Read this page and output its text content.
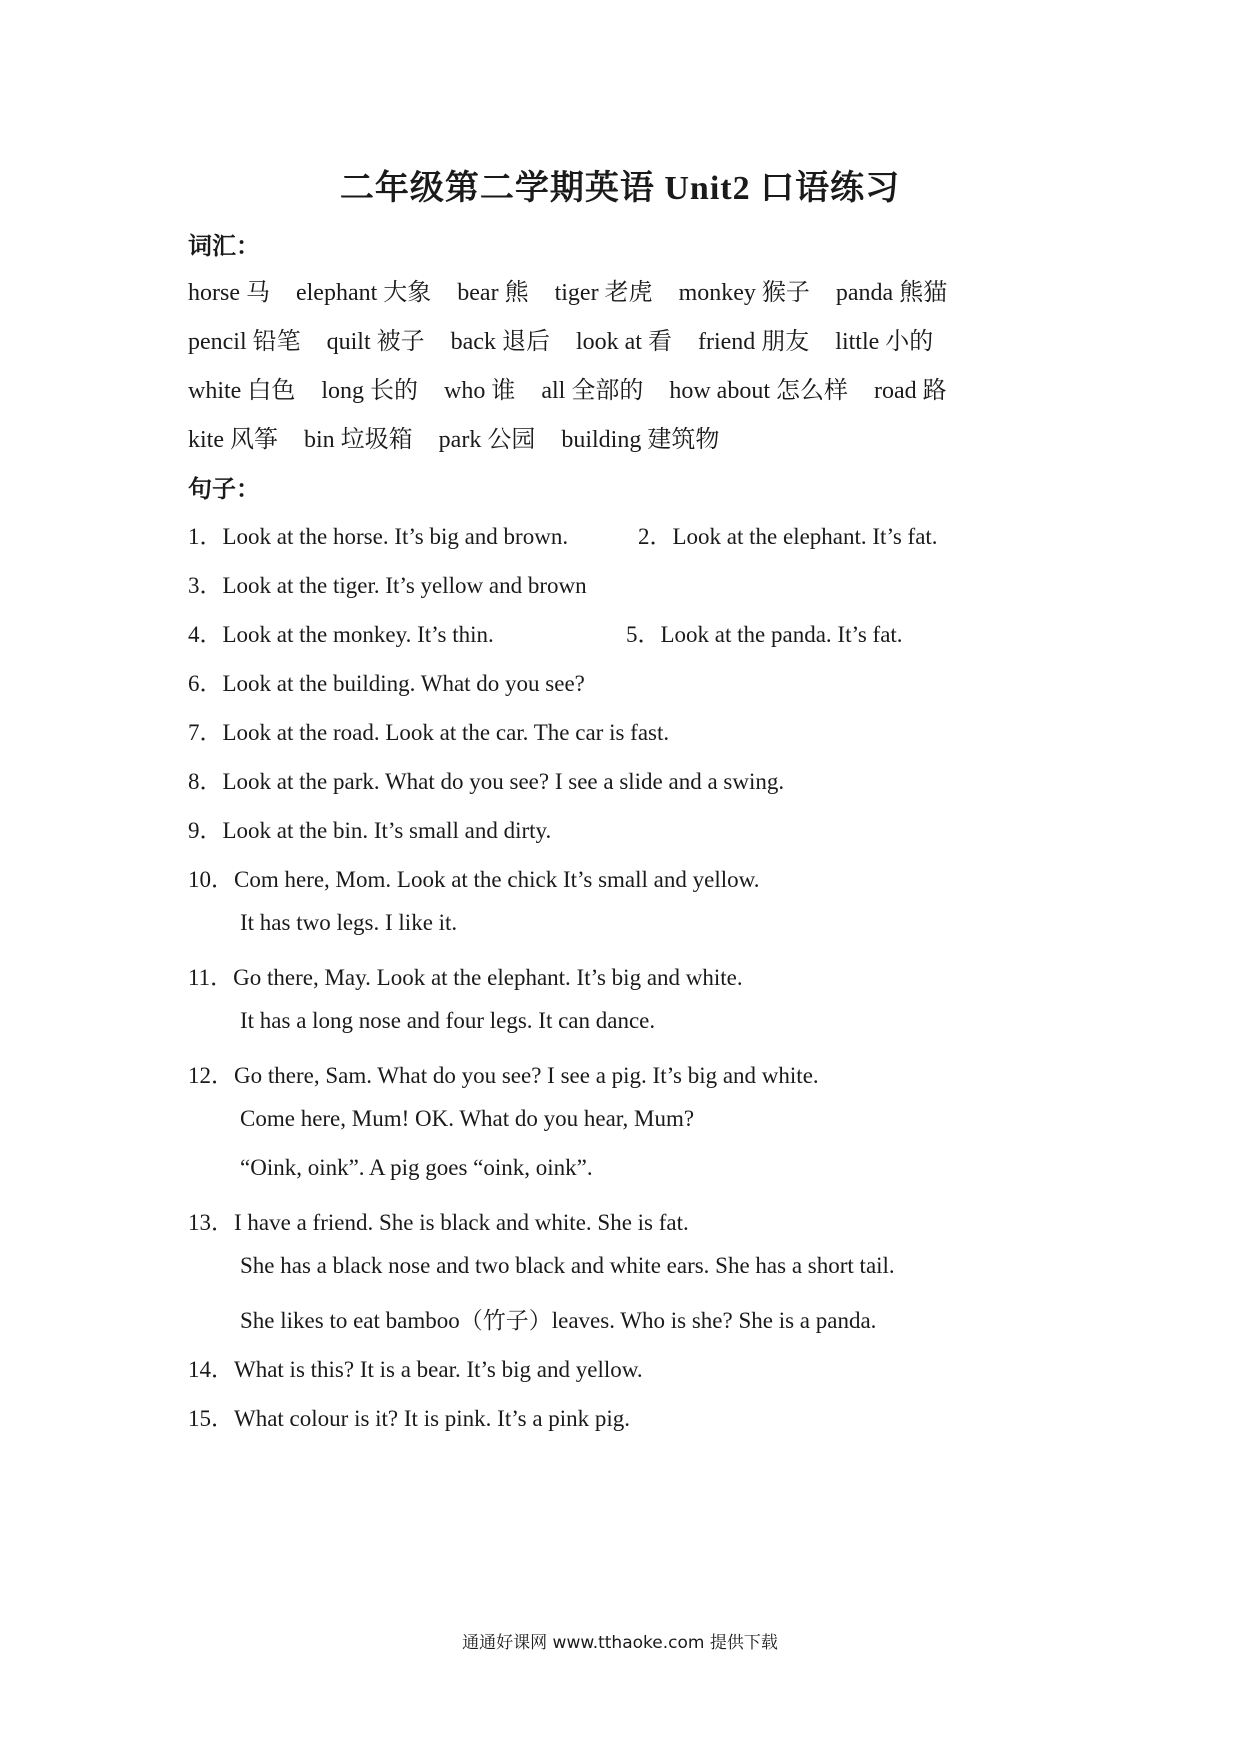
二年级第二学期英语 Unit2 口语练习
词汇：
horse 马 elephant 大象 bear 熊 tiger 老虎 monkey 猴子 panda 熊猫
pencil 铅笔 quilt 被子 back 退后 look at 看 friend 朋友 little 小的
white 白色 long 长的 who 谁 all 全部的 how about 怎么样 road 路
kite 风筝 bin 垃圾箱 park 公园 building 建筑物
句子：
1．Look at the horse. It’s big and brown.	2．Look at the elephant. It’s fat.
3．Look at the tiger. It’s yellow and brown
4．Look at the monkey. It’s thin.	5．Look at the panda. It’s fat.
6．Look at the building. What do you see?
7．Look at the road. Look at the car. The car is fast.
8．Look at the park. What do you see? I see a slide and a swing.
9．Look at the bin. It’s small and dirty.
10．Com here, Mom. Look at the chick It’s small and yellow.
It has two legs. I like it.
11．Go there, May. Look at the elephant. It’s big and white.
It has a long nose and four legs. It can dance.
12．Go there, Sam. What do you see? I see a pig. It’s big and white.
Come here, Mum! OK. What do you hear, Mum?
“Oink, oink”. A pig goes “oink, oink”.
13．I have a friend. She is black and white. She is fat.
She has a black nose and two black and white ears. She has a short tail.
She likes to eat bamboo（竹子）leaves. Who is she? She is a panda.
14．What is this? It is a bear. It’s big and yellow.
15．What colour is it? It is pink. It’s a pink pig.
通通好课网 www.tthaoke.com 提供下载
